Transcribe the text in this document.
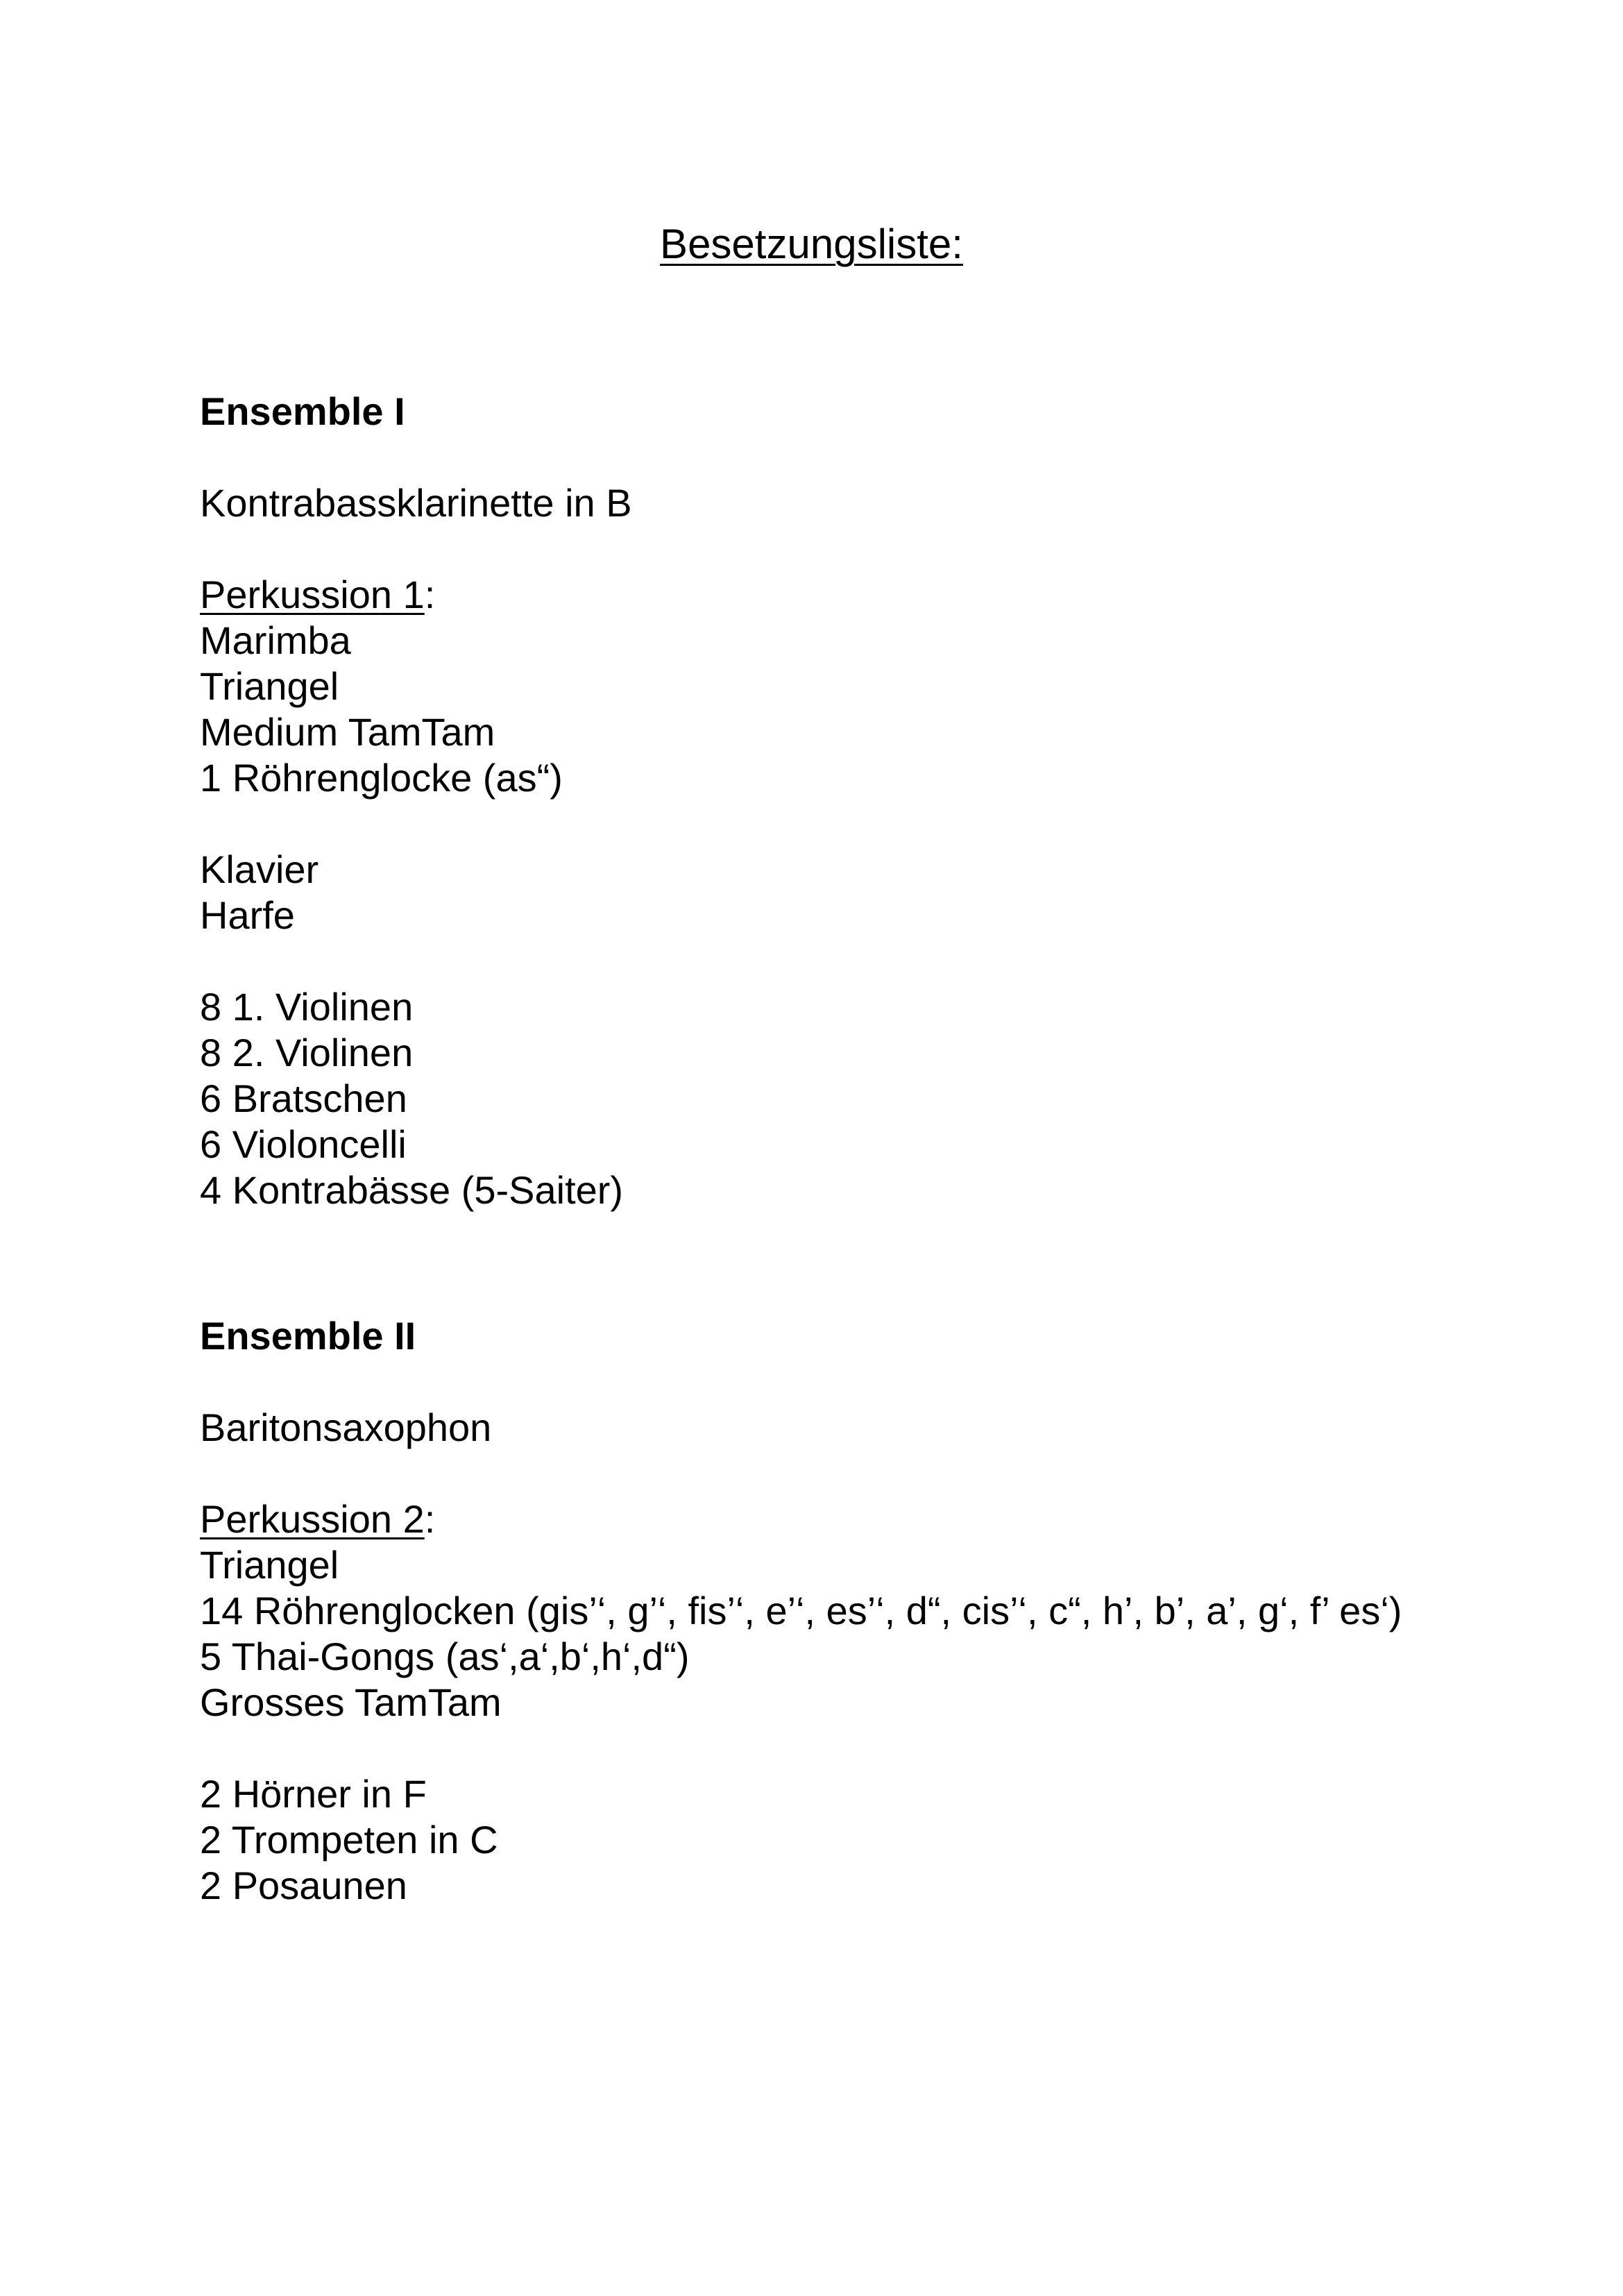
Besetzungsliste:
Ensemble I
Kontrabassklarinette in B
Perkussion 1:
Marimba
Triangel
Medium TamTam
1 Röhrenglocke (as“)
Klavier
Harfe
8 1. Violinen
8 2. Violinen
6 Bratschen
6 Violoncelli
4 Kontrabässe (5-Saiter)
Ensemble II
Baritonsaxophon
Perkussion 2:
Triangel
14 Röhrenglocken (gis’‘, g’‘, fis’‘, e’‘, es’‘, d“, cis’‘, c“, h’, b’, a’, g‘, f’ es‘)
5 Thai-Gongs (as‘,a‘,b‘,h‘,d“)
Grosses TamTam
2 Hörner in F
2 Trompeten in C
2 Posaunen
